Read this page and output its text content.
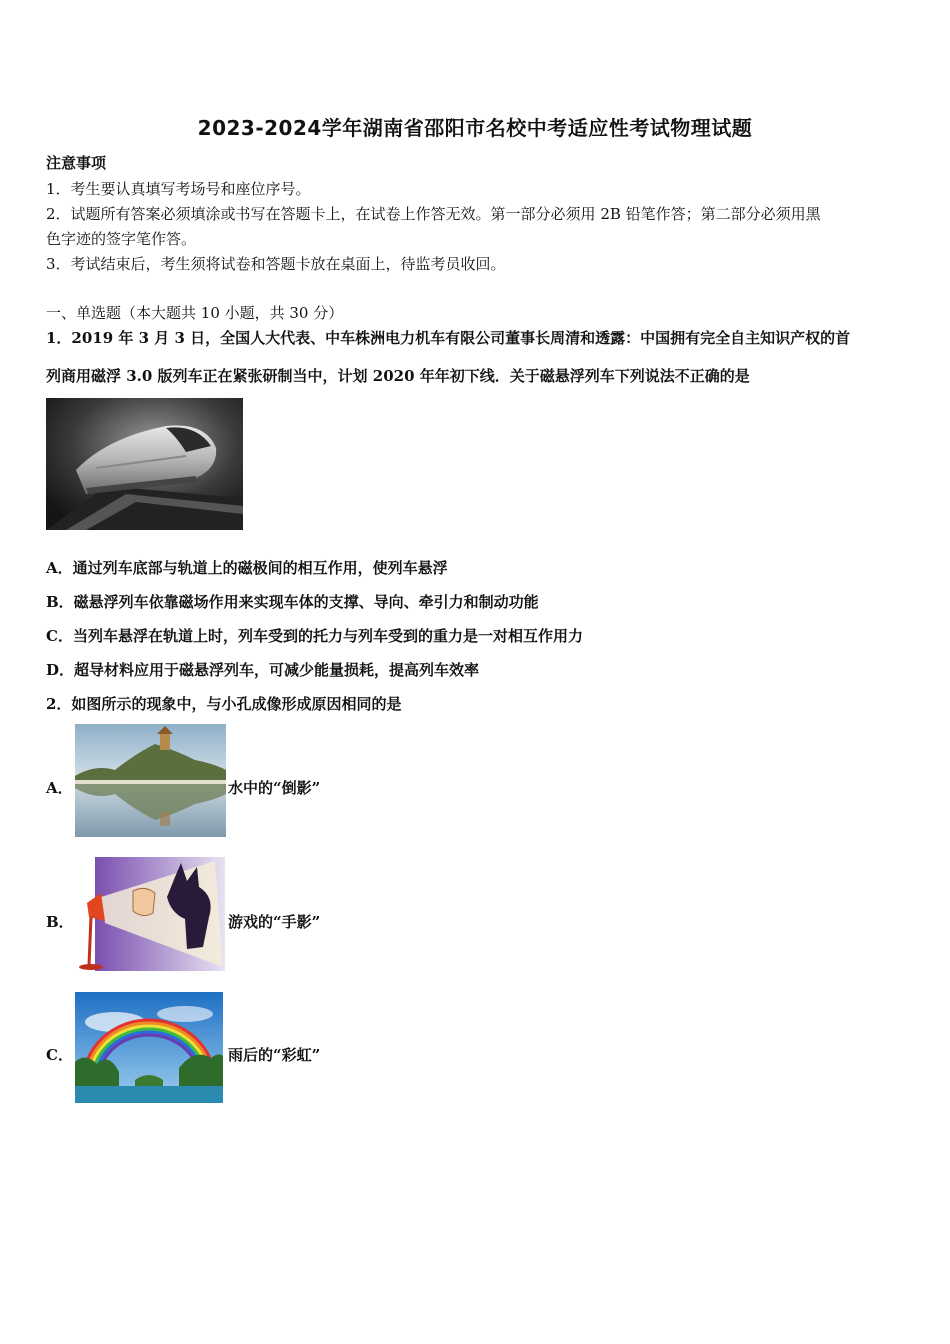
2023-2024学年湖南省邵阳市名校中考适应性考试物理试题
注意事项
1．考生要认真填写考场号和座位序号。
2．试题所有答案必须填涂或书写在答题卡上，在试卷上作答无效。第一部分必须用 2B 铅笔作答；第二部分必须用黑
色字迹的签字笔作答。
3．考试结束后，考生须将试卷和答题卡放在桌面上，待监考员收回。
一、单选题（本大题共 10 小题，共 30 分）
1．2019 年 3 月 3 日，全国人大代表、中车株洲电力机车有限公司董事长周清和透露：中国拥有完全自主知识产权的首
列商用磁浮 3.0 版列车正在紧张研制当中，计划 2020 年年初下线．关于磁悬浮列车下列说法不正确的是
A．通过列车底部与轨道上的磁极间的相互作用，使列车悬浮
B．磁悬浮列车依靠磁场作用来实现车体的支撑、导向、牵引力和制动功能
C．当列车悬浮在轨道上时，列车受到的托力与列车受到的重力是一对相互作用力
D．超导材料应用于磁悬浮列车，可减少能量损耗，提高列车效率
2．如图所示的现象中，与小孔成像形成原因相同的是
A．	水中的“倒影”
B．	游戏的“手影”
C．	雨后的“彩虹”
